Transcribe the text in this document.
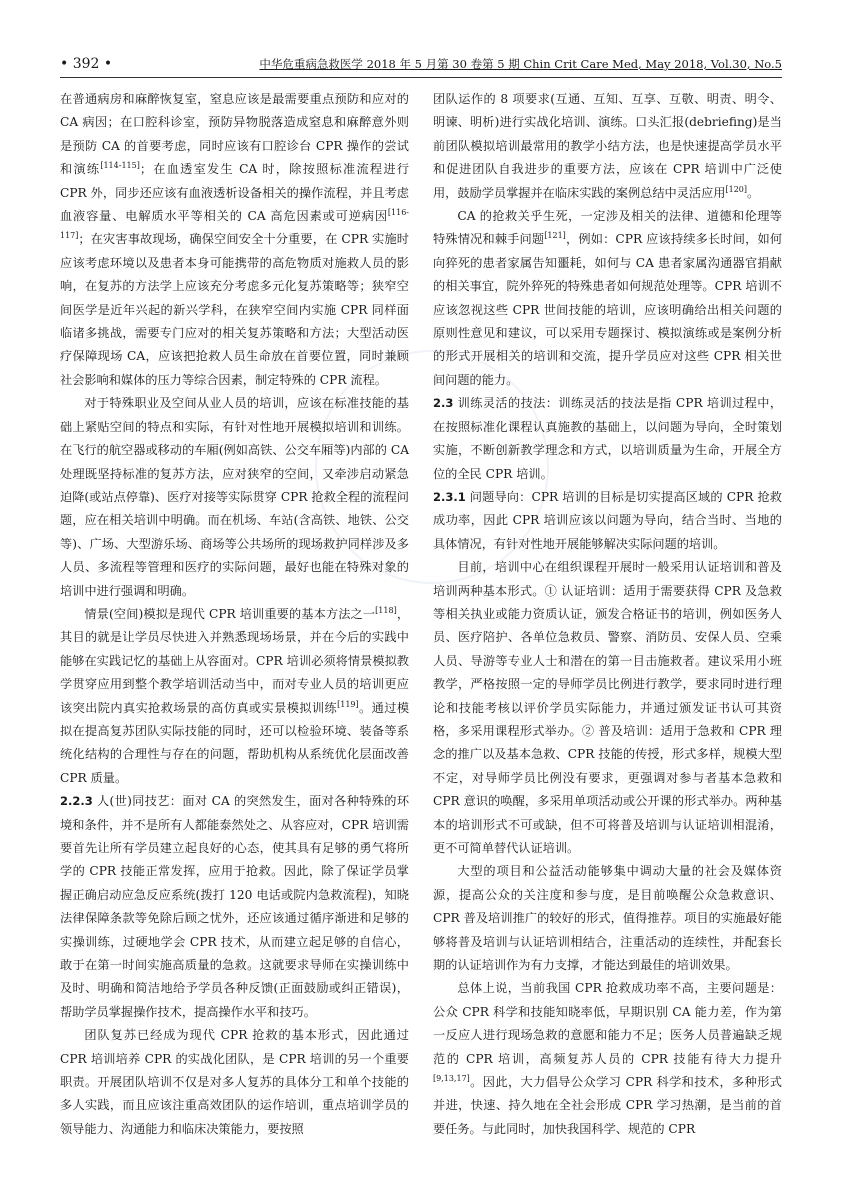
• 392 •	中华危重病急救医学 2018 年 5 月第 30 卷第 5 期 Chin Crit Care Med, May 2018, Vol.30, No.5

在普通病房和麻醉恢复室，窒息应该是最需要重点预防和应对的 CA 病因；在口腔科诊室，预防异物脱落造成窒息和麻醉意外则是预防 CA 的首要考虑，同时应该有口腔诊台 CPR 操作的尝试和演练[114-115]；在血透室发生 CA 时，除按照标准流程进行 CPR 外，同步还应该有血液透析设备相关的操作流程，并且考虑血液容量、电解质水平等相关的 CA 高危因素或可逆病因[116-117]；在灾害事故现场，确保空间安全十分重要，在 CPR 实施时应该考虑环境以及患者本身可能携带的高危物质对施救人员的影响，在复苏的方法学上应该充分考虑多元化复苏策略等；狭窄空间医学是近年兴起的新兴学科，在狭窄空间内实施 CPR 同样面临诸多挑战，需要专门应对的相关复苏策略和方法；大型活动医疗保障现场 CA，应该把抢救人员生命放在首要位置，同时兼顾社会影响和媒体的压力等综合因素，制定特殊的 CPR 流程。

对于特殊职业及空间从业人员的培训，应该在标准技能的基础上紧贴空间的特点和实际，有针对性地开展模拟培训和训练。在飞行的航空器或移动的车厢(例如高铁、公交车厢等)内部的 CA 处理既坚持标准的复苏方法，应对狭窄的空间，又牵涉启动紧急迫降(或站点停靠)、医疗对接等实际贯穿 CPR 抢救全程的流程问题，应在相关培训中明确。而在机场、车站(含高铁、地铁、公交等)、广场、大型游乐场、商场等公共场所的现场救护同样涉及多人员、多流程等管理和医疗的实际问题，最好也能在特殊对象的培训中进行强调和明确。

情景(空间)模拟是现代 CPR 培训重要的基本方法之一[118]，其目的就是让学员尽快进入并熟悉现场场景，并在今后的实践中能够在实践记忆的基础上从容面对。CPR 培训必须将情景模拟教学贯穿应用到整个教学培训活动当中，而对专业人员的培训更应该突出院内真实抢救场景的高仿真或实景模拟训练[119]。通过模拟在提高复苏团队实际技能的同时，还可以检验环境、装备等系统化结构的合理性与存在的问题，帮助机构从系统优化层面改善 CPR 质量。

2.2.3 人(世)同技艺：面对 CA 的突然发生，面对各种特殊的环境和条件，并不是所有人都能泰然处之、从容应对，CPR 培训需要首先让所有学员建立起良好的心态，使其具有足够的勇气将所学的 CPR 技能正常发挥，应用于抢救。因此，除了保证学员掌握正确启动应急反应系统(拨打 120 电话或院内急救流程)，知晓法律保障条款等免除后顾之忧外，还应该通过循序渐进和足够的实操训练，过硬地学会 CPR 技术，从而建立起足够的自信心，敢于在第一时间实施高质量的急救。这就要求导师在实操训练中及时、明确和简洁地给予学员各种反馈(正面鼓励或纠正错误)，帮助学员掌握操作技术，提高操作水平和技巧。

团队复苏已经成为现代 CPR 抢救的基本形式，因此通过 CPR 培训培养 CPR 的实战化团队，是 CPR 培训的另一个重要职责。开展团队培训不仅是对多人复苏的具体分工和单个技能的多人实践，而且应该注重高效团队的运作培训，重点培训学员的领导能力、沟通能力和临床决策能力，要按照

团队运作的 8 项要求(互通、互知、互享、互敬、明责、明令、明谏、明析)进行实战化培训、演练。口头汇报(debriefing)是当前团队模拟培训最常用的教学小结方法，也是快速提高学员水平和促进团队自我进步的重要方法，应该在 CPR 培训中广泛使用，鼓励学员掌握并在临床实践的案例总结中灵活应用[120]。

CA 的抢救关乎生死，一定涉及相关的法律、道德和伦理等特殊情况和棘手问题[121]，例如：CPR 应该持续多长时间，如何向猝死的患者家属告知噩耗，如何与 CA 患者家属沟通器官捐献的相关事宜，院外猝死的特殊患者如何规范处理等。CPR 培训不应该忽视这些 CPR 世间技能的培训，应该明确给出相关问题的原则性意见和建议，可以采用专题探讨、模拟演练或是案例分析的形式开展相关的培训和交流，提升学员应对这些 CPR 相关世间问题的能力。

2.3 训练灵活的技法：训练灵活的技法是指 CPR 培训过程中，在按照标准化课程认真施教的基础上，以问题为导向，全时策划实施，不断创新教学理念和方式，以培训质量为生命，开展全方位的全民 CPR 培训。

2.3.1 问题导向：CPR 培训的目标是切实提高区域的 CPR 抢救成功率，因此 CPR 培训应该以问题为导向，结合当时、当地的具体情况，有针对性地开展能够解决实际问题的培训。

目前，培训中心在组织课程开展时一般采用认证培训和普及培训两种基本形式。① 认证培训：适用于需要获得 CPR 及急救等相关执业或能力资质认证，颁发合格证书的培训，例如医务人员、医疗陪护、各单位急救员、警察、消防员、安保人员、空乘人员、导游等专业人士和潜在的第一目击施救者。建议采用小班教学，严格按照一定的导师学员比例进行教学，要求同时进行理论和技能考核以评价学员实际能力，并通过颁发证书认可其资格，多采用课程形式举办。② 普及培训：适用于急救和 CPR 理念的推广以及基本急救、CPR 技能的传授，形式多样，规模大型不定，对导师学员比例没有要求，更强调对参与者基本急救和 CPR 意识的唤醒，多采用单项活动或公开课的形式举办。两种基本的培训形式不可或缺，但不可将普及培训与认证培训相混淆，更不可简单替代认证培训。

大型的项目和公益活动能够集中调动大量的社会及媒体资源，提高公众的关注度和参与度，是目前唤醒公众急救意识、CPR 普及培训推广的较好的形式，值得推荐。项目的实施最好能够将普及培训与认证培训相结合，注重活动的连续性，并配套长期的认证培训作为有力支撑，才能达到最佳的培训效果。

总体上说，当前我国 CPR 抢救成功率不高，主要问题是：公众 CPR 科学和技能知晓率低，早期识别 CA 能力差，作为第一反应人进行现场急救的意愿和能力不足；医务人员普遍缺乏规范的 CPR 培训，高频复苏人员的 CPR 技能有待大力提升[9,13,17]。因此，大力倡导公众学习 CPR 科学和技术，多种形式并进，快速、持久地在全社会形成 CPR 学习热潮，是当前的首要任务。与此同时，加快我国科学、规范的 CPR
